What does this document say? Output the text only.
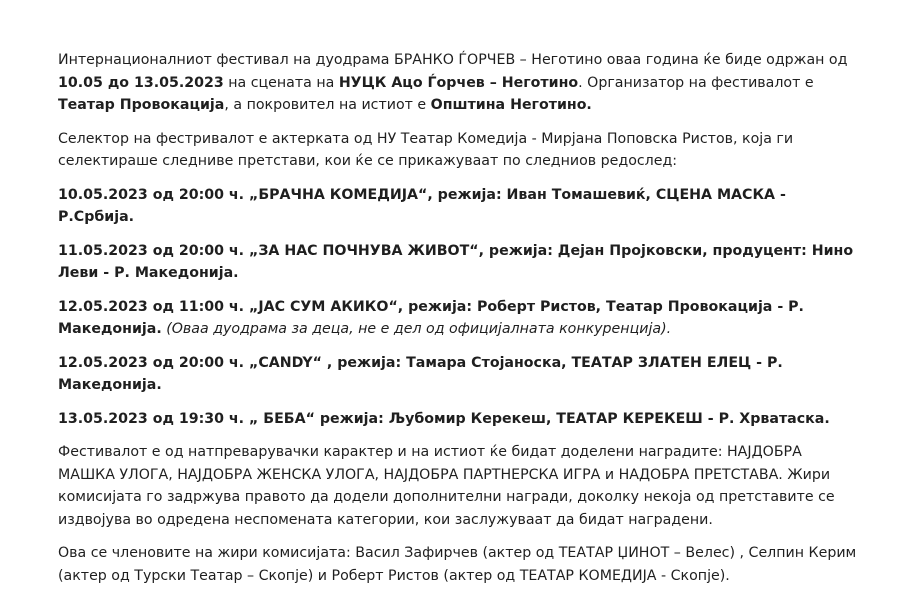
Интернационалниот фестивал на дуодрама БРАНКО ЃОРЧЕВ – Неготино оваа година ќе биде одржан од 10.05 до 13.05.2023 на сцената на НУЦК Ацо Ѓорчев – Неготино. Организатор на фестивалот е Театар Провокација, а покровител на истиот е Општина Неготино.

Селектор на фестривалот е актерката од НУ Театар Комедија - Мирјана Поповска Ристов, која ги селектираше следниве претстави, кои ќе се прикажуваат по следниов редослед:

10.05.2023 од 20:00 ч. „БРАЧНА КОМЕДИЈА“, режија: Иван Томашевиќ, СЦЕНА МАСКА - Р.Србија.

11.05.2023 од 20:00 ч. „ЗА НАС ПОЧНУВА ЖИВОТ“, режија: Дејан Пројковски, продуцент: Нино Леви - Р. Македонија.

12.05.2023 од 11:00 ч. „ЈАС СУМ АКИКО“, режија: Роберт Ристов, Театар Провокација - Р. Македонија. (Оваа дуодрама за деца, не е дел од официјалната конкуренција).

12.05.2023 од 20:00 ч. „CANDY“ , режија: Тамара Стојаноска, ТЕАТАР ЗЛАТЕН ЕЛЕЦ - Р. Македонија.

13.05.2023 од 19:30 ч. „ БЕБА“ режија: Љубомир Керекеш, ТЕАТАР КЕРЕКЕШ - Р. Хрватаска.

Фестивалот е од натпреварувачки карактер и на истиот ќе бидат доделени наградите: НАЈДОБРА МАШКА УЛОГА, НАЈДОБРА ЖЕНСКА УЛОГА, НАЈДОБРА ПАРТНЕРСКА ИГРА и НАДОБРА ПРЕТСТАВА. Жири комисијата го задржува правото да додели дополнителни награди, доколку некоја од претставите се издвојува во одредена неспомената категории, кои заслужуваат да бидат наградени.

Ова се членовите на жири комисијата: Васил Зафирчев (актер од ТЕАТАР ЏИНОТ – Велес) , Селпин Керим (актер од Турски Театар – Скопје) и Роберт Ристов (актер од ТЕАТАР КОМЕДИЈА - Скопје).
